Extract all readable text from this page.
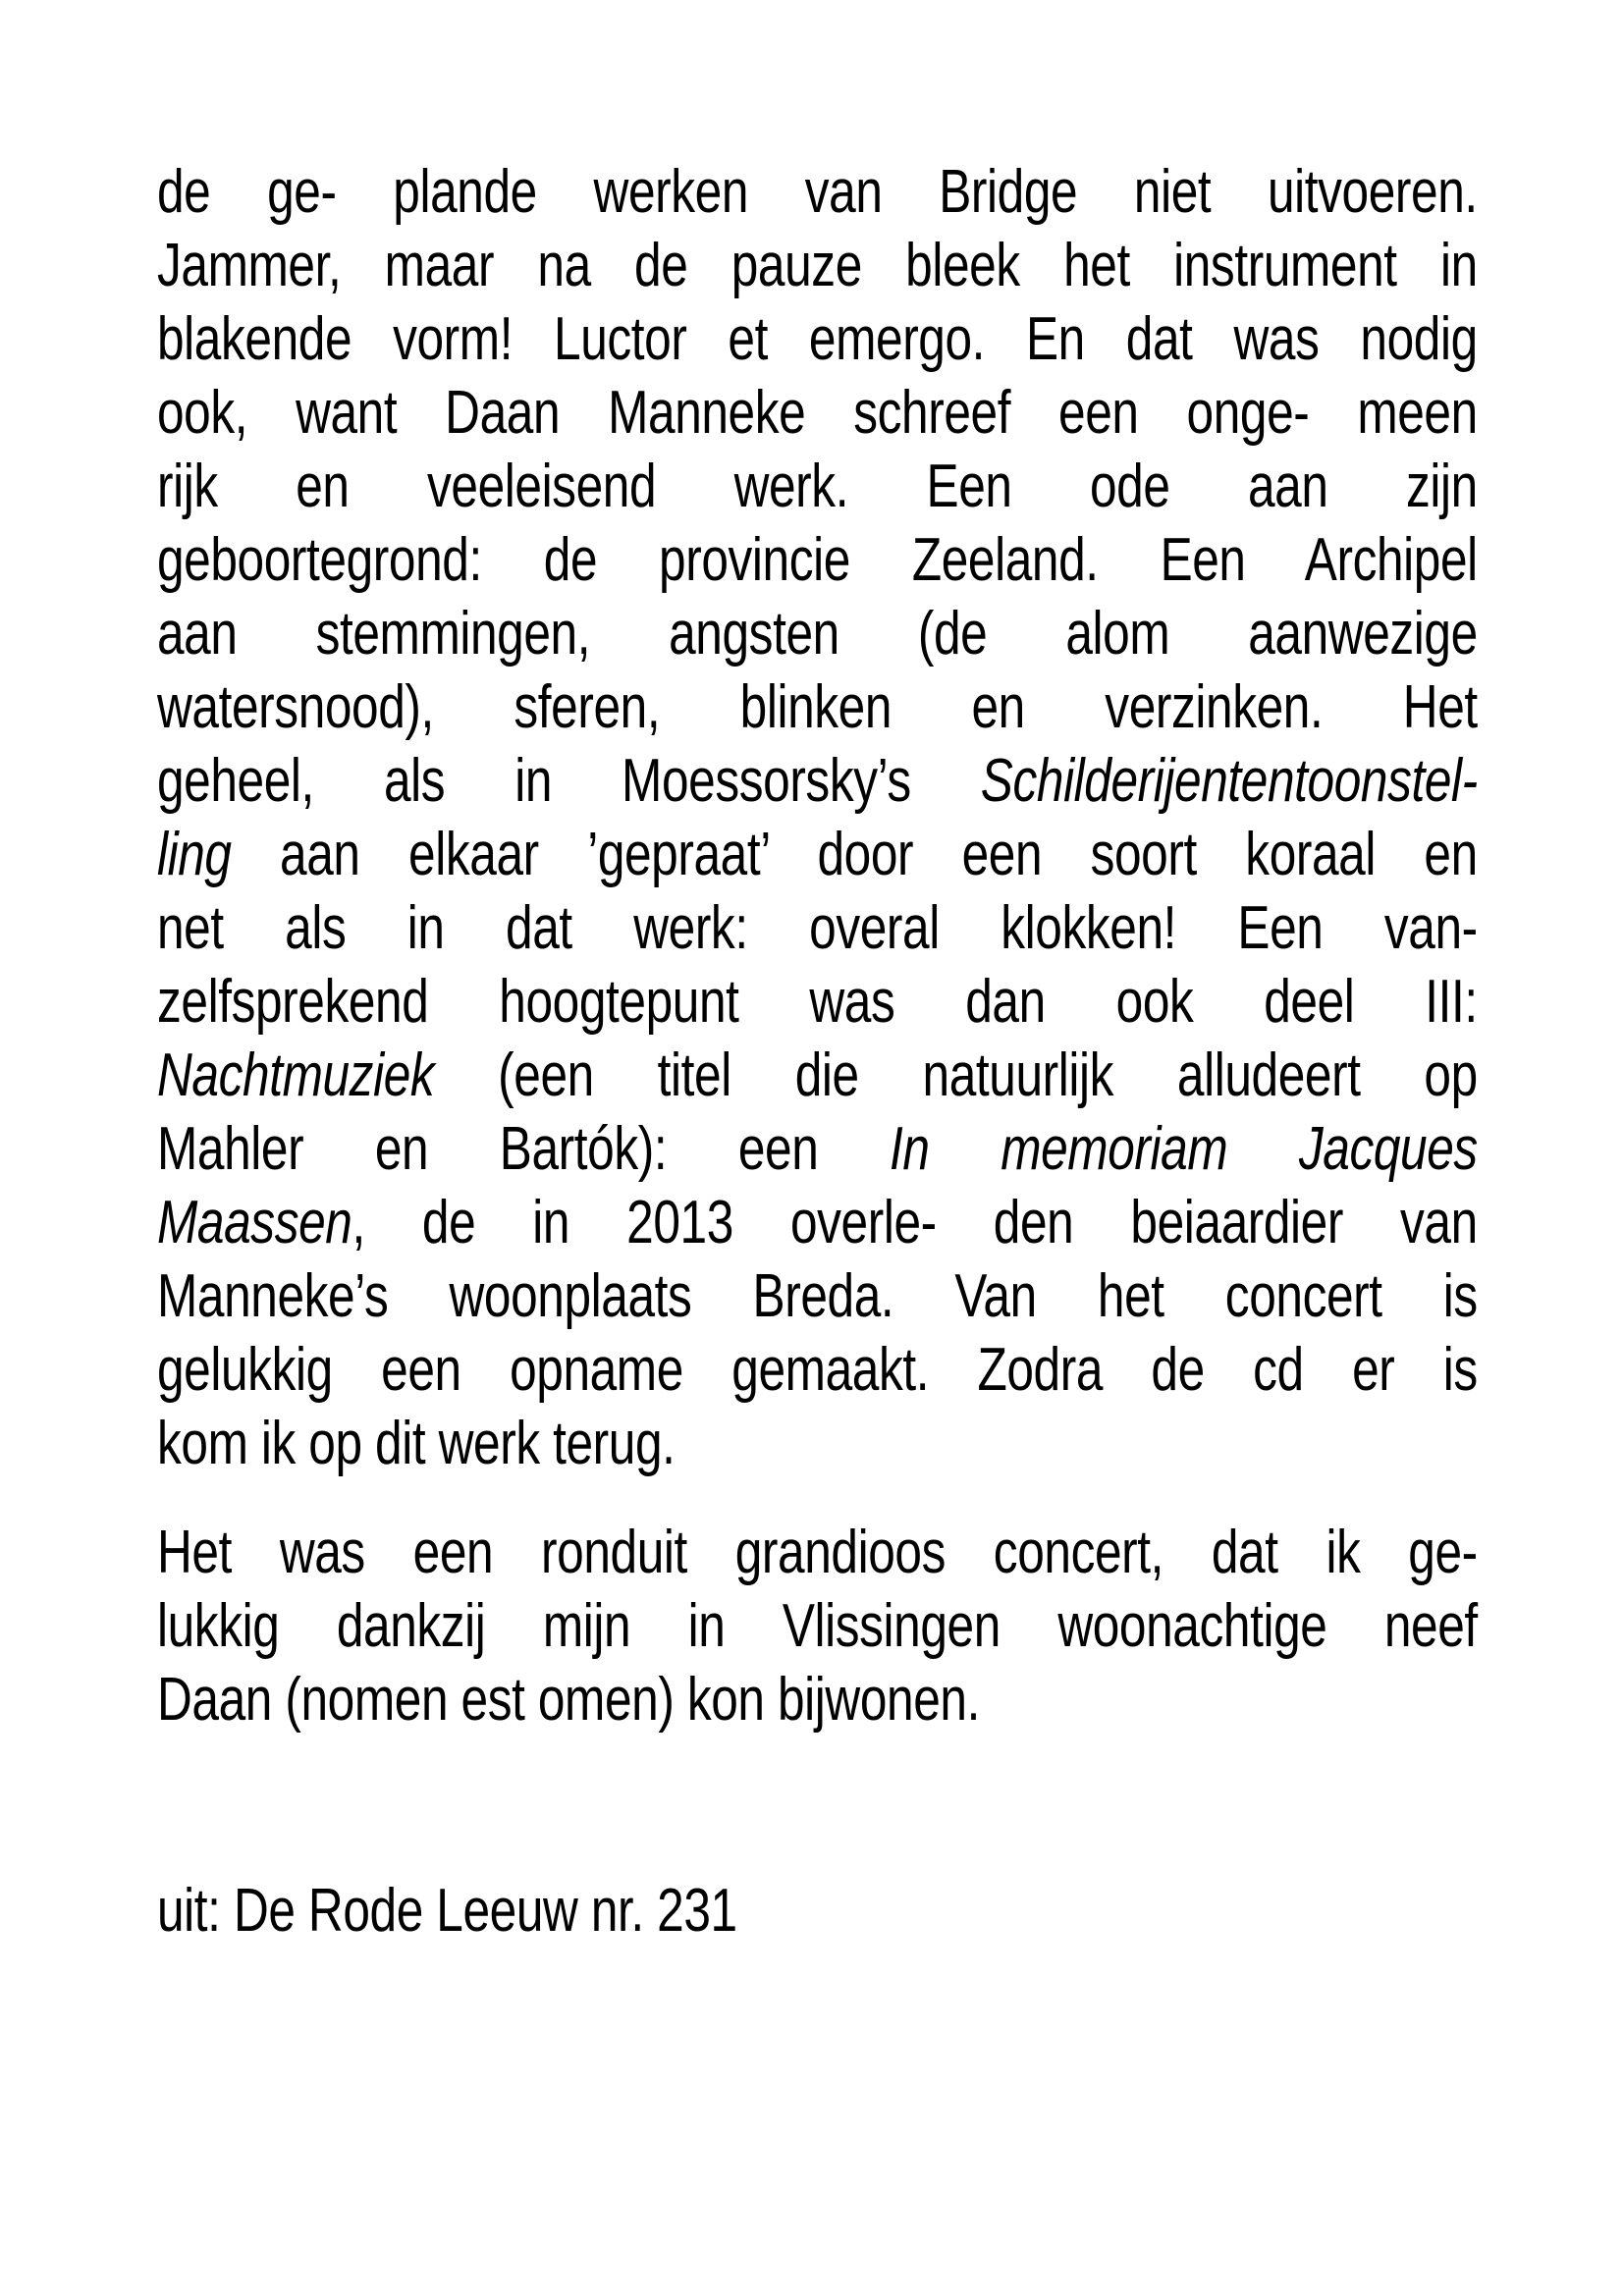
de ge- plande werken van Bridge niet uitvoeren.
Jammer, maar na de pauze bleek het instrument in
blakende vorm! Luctor et emergo. En dat was nodig
ook, want Daan Manneke schreef een onge- meen
rijk en veeleisend werk. Een ode aan zijn
geboortegrond: de provincie Zeeland. Een Archipel
aan stemmingen, angsten (de alom aanwezige
watersnood), sferen, blinken en verzinken. Het
geheel, als in Moessorsky’s Schilderijententoonstel-
ling aan elkaar ’gepraat’ door een soort koraal en
net als in dat werk: overal klokken! Een van-
zelfsprekend hoogtepunt was dan ook deel III:
Nachtmuziek (een titel die natuurlijk alludeert op
Mahler en Bartók): een In memoriam Jacques
Maassen, de in 2013 overle- den beiaardier van
Manneke’s woonplaats Breda. Van het concert is
gelukkig een opname gemaakt. Zodra de cd er is
kom ik op dit werk terug.
Het was een ronduit grandioos concert, dat ik ge-
lukkig dankzij mijn in Vlissingen woonachtige neef
Daan (nomen est omen) kon bijwonen.
uit: De Rode Leeuw nr. 231
